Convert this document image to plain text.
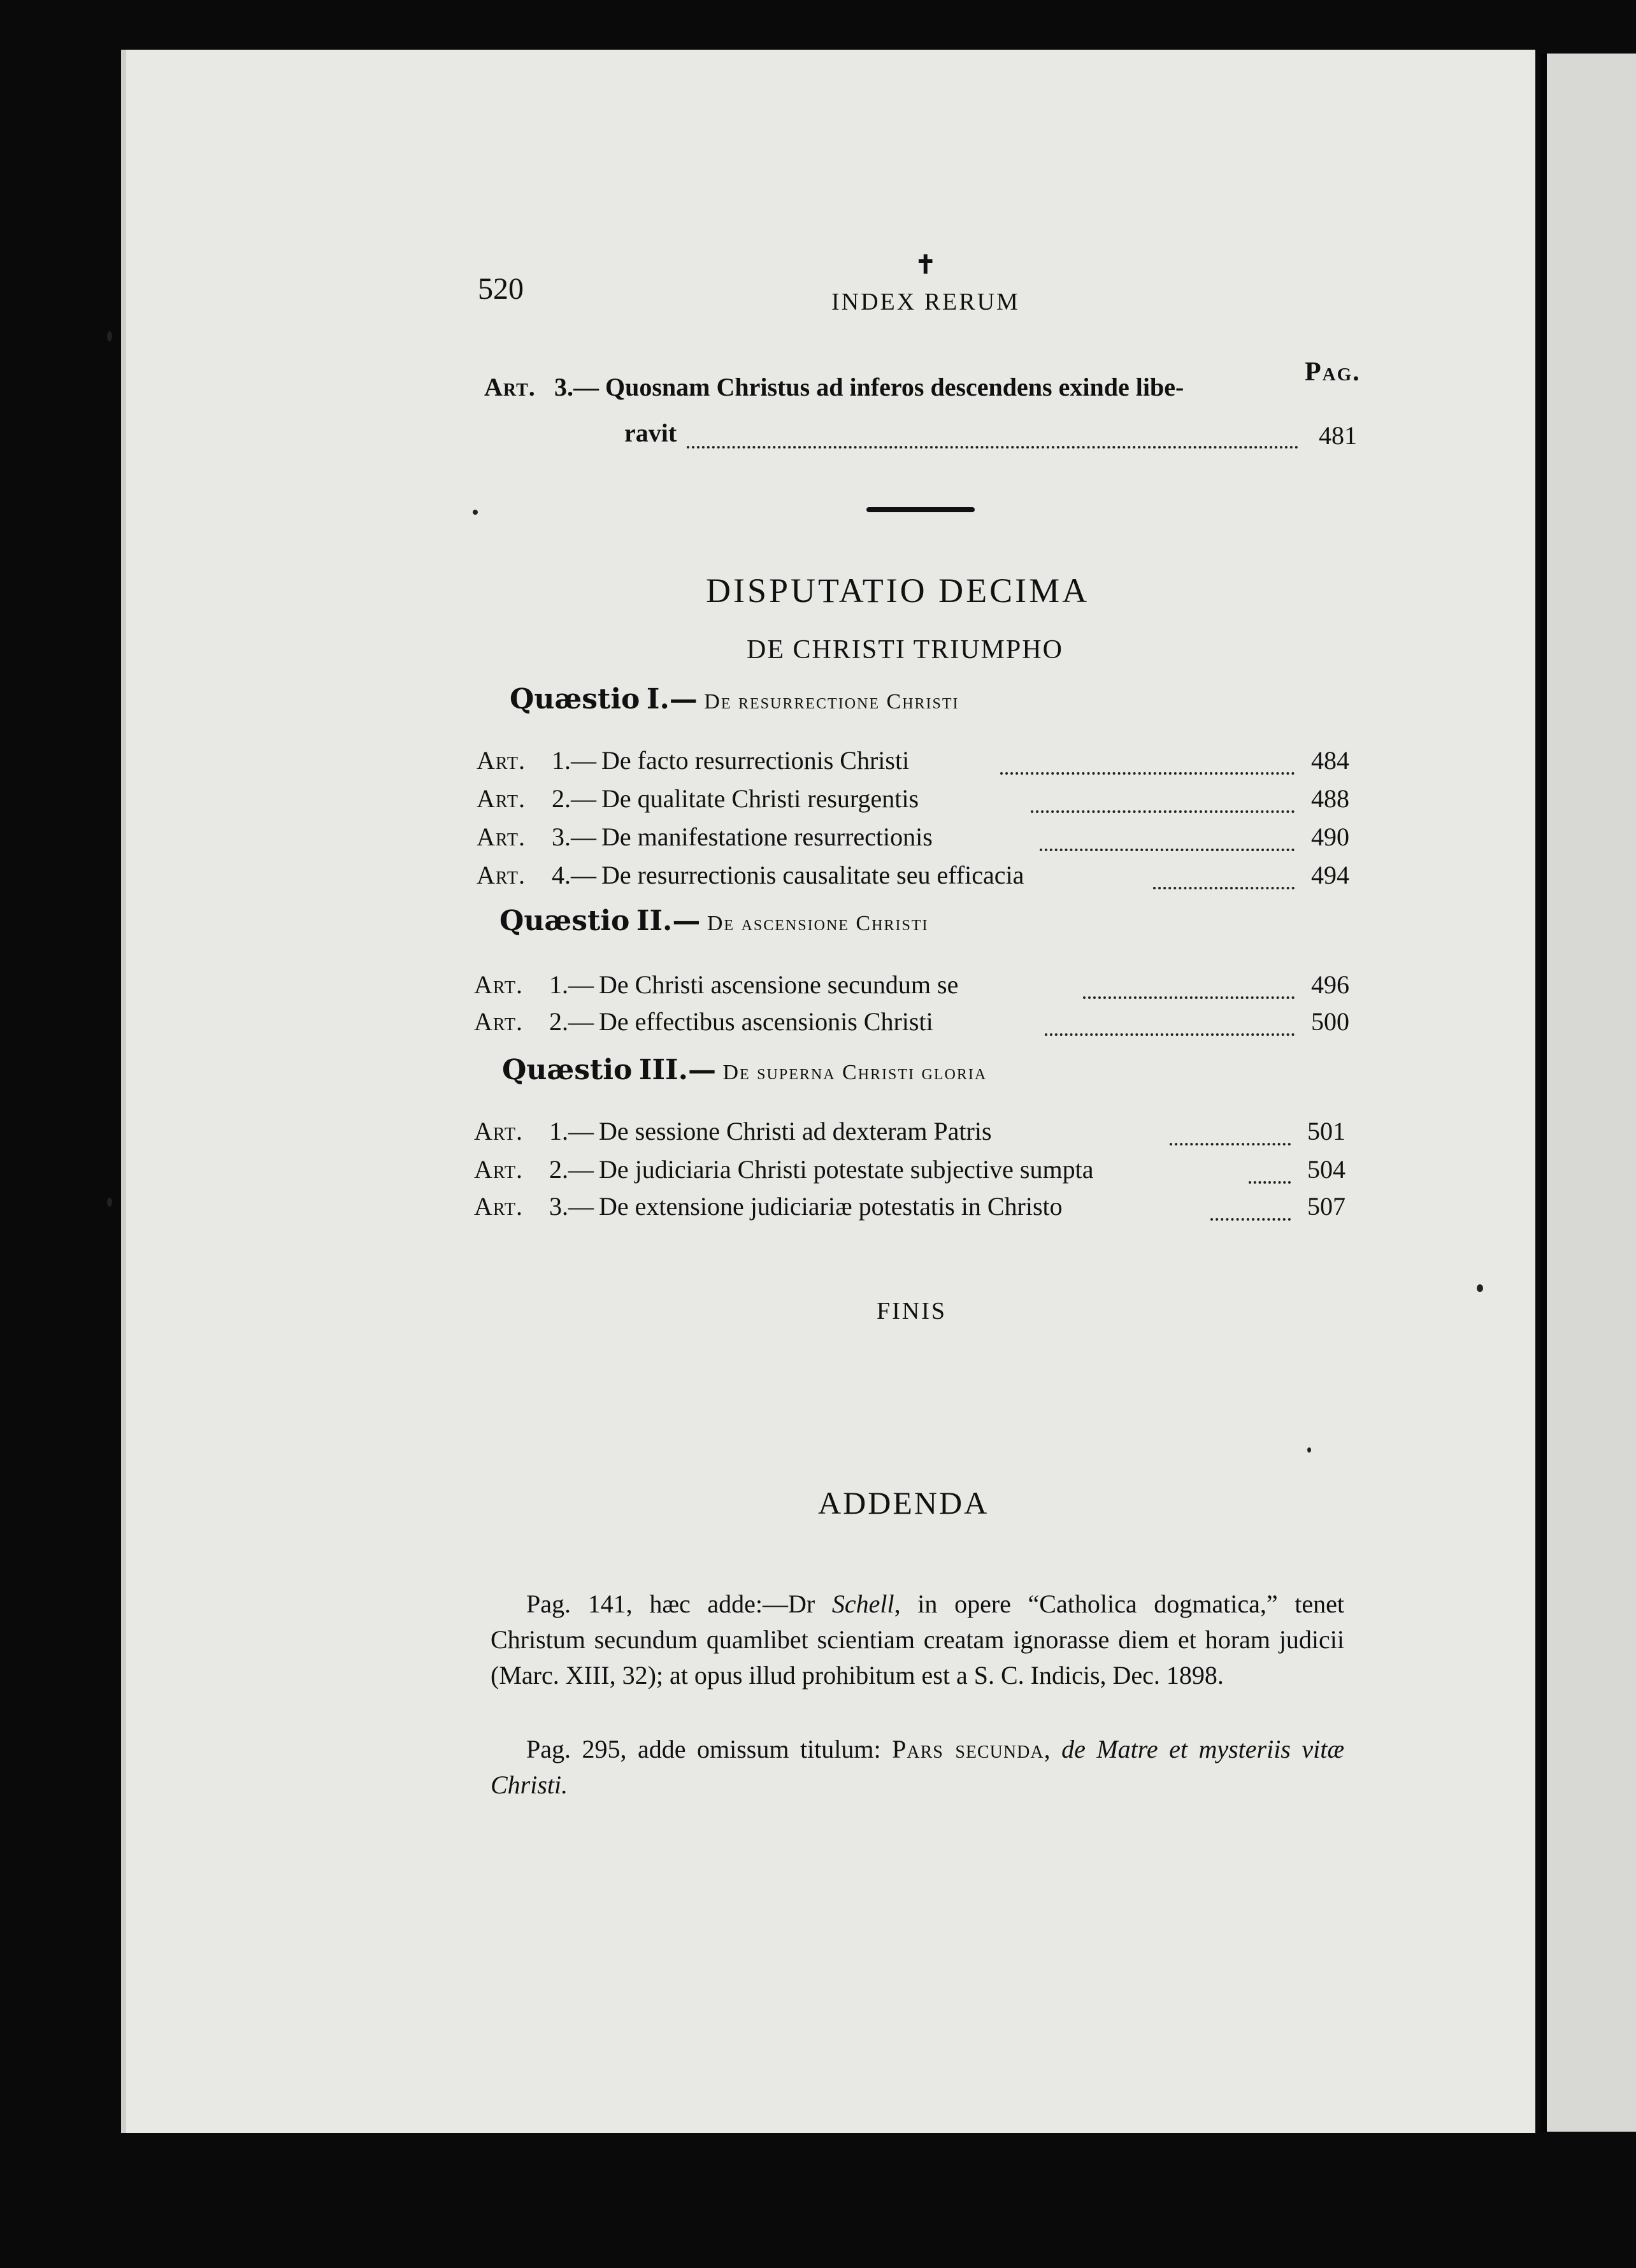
520
✝
INDEX RERUM
Pag.
Art. 3.— Quosnam Christus ad inferos descendens exinde libe-
ravit	481
DISPUTATIO DECIMA
DE CHRISTI TRIUMPHO
Quæstio I.— De resurrectione Christi
Art. 1.— De facto resurrectionis Christi	484
Art. 2.— De qualitate Christi resurgentis	488
Art. 3.— De manifestatione resurrectionis	490
Art. 4.— De resurrectionis causalitate seu efficacia	494
Quæstio II.— De ascensione Christi
Art. 1.— De Christi ascensione secundum se	496
Art. 2.— De effectibus ascensionis Christi	500
Quæstio III.— De superna Christi gloria
Art. 1.— De sessione Christi ad dexteram Patris	501
Art. 2.— De judiciaria Christi potestate subjective sumpta	504
Art. 3.— De extensione judiciariæ potestatis in Christo	507
FINIS
ADDENDA
Pag. 141, hæc adde:—Dr Schell, in opere “Catholica dogmatica,” tenet Christum secundum quamlibet scientiam creatam ignorasse diem et horam judicii (Marc. XIII, 32); at opus illud prohibitum est a S. C. Indicis, Dec. 1898.
Pag. 295, adde omissum titulum: Pars secunda, de Matre et mysteriis vitæ Christi.
